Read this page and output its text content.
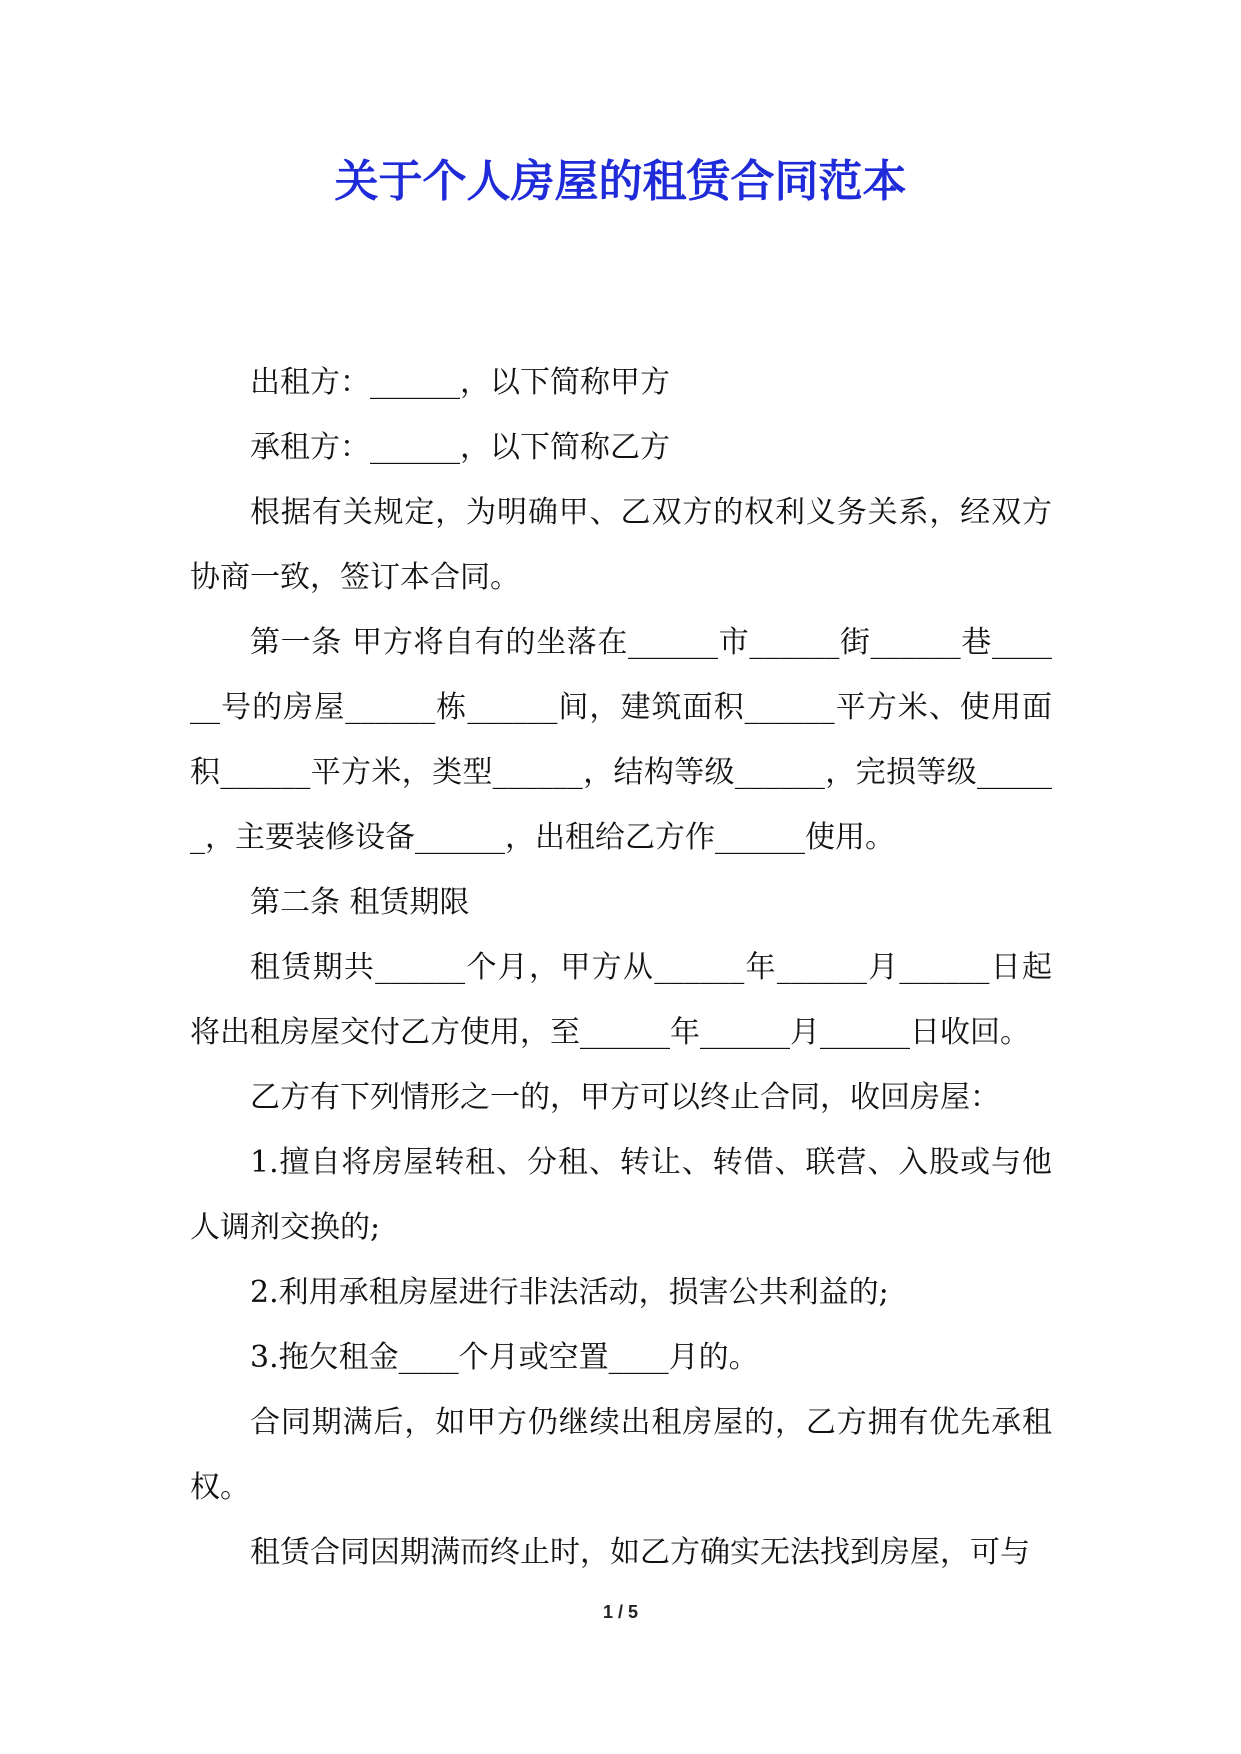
关于个人房屋的租赁合同范本

出租方：______，以下简称甲方

承租方：______，以下简称乙方

根据有关规定，为明确甲、乙双方的权利义务关系，经双方协商一致，签订本合同。

第一条 甲方将自有的坐落在______市______街______巷______号的房屋______栋______间，建筑面积______平方米、使用面积______平方米，类型______，结构等级______，完损等级______，主要装修设备______，出租给乙方作______使用。

第二条 租赁期限

租赁期共______个月，甲方从______年______月______日起将出租房屋交付乙方使用，至______年______月______日收回。

乙方有下列情形之一的，甲方可以终止合同，收回房屋：

1.擅自将房屋转租、分租、转让、转借、联营、入股或与他人调剂交换的;

2.利用承租房屋进行非法活动，损害公共利益的;

3.拖欠租金____个月或空置____月的。

合同期满后，如甲方仍继续出租房屋的，乙方拥有优先承租权。

租赁合同因期满而终止时，如乙方确实无法找到房屋，可与

1 / 5
